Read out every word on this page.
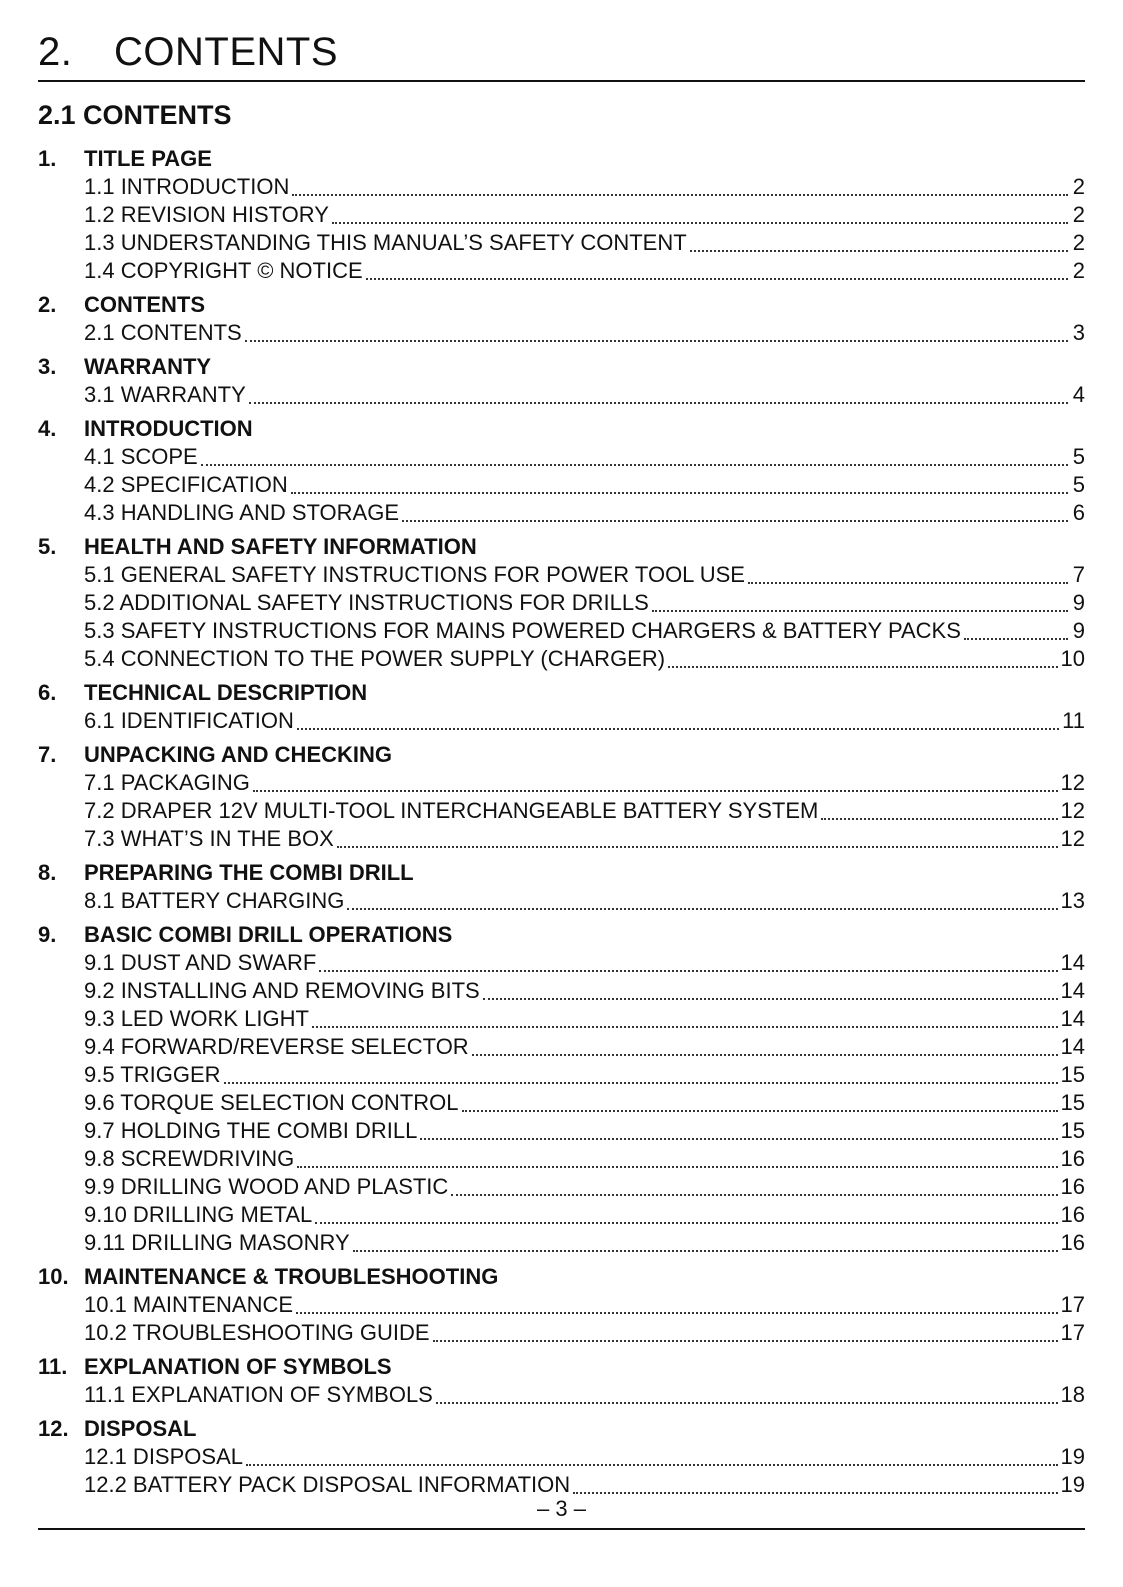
2.	CONTENTS
2.1 CONTENTS
1.	TITLE PAGE
1.1 INTRODUCTION	2
1.2 REVISION HISTORY	2
1.3 UNDERSTANDING THIS MANUAL’S SAFETY CONTENT	2
1.4 COPYRIGHT © NOTICE	2
2.	CONTENTS
2.1 CONTENTS	3
3.	WARRANTY
3.1 WARRANTY	4
4.	INTRODUCTION
4.1 SCOPE	5
4.2 SPECIFICATION	5
4.3 HANDLING AND STORAGE	6
5.	HEALTH AND SAFETY INFORMATION
5.1 GENERAL SAFETY INSTRUCTIONS FOR POWER TOOL USE	7
5.2 ADDITIONAL SAFETY INSTRUCTIONS FOR DRILLS	9
5.3 SAFETY INSTRUCTIONS FOR MAINS POWERED CHARGERS & BATTERY PACKS	9
5.4 CONNECTION TO THE POWER SUPPLY (CHARGER)	10
6.	TECHNICAL DESCRIPTION
6.1 IDENTIFICATION	11
7.	UNPACKING AND CHECKING
7.1 PACKAGING	12
7.2 DRAPER 12V MULTI-TOOL INTERCHANGEABLE BATTERY SYSTEM	12
7.3 WHAT’S IN THE BOX	12
8.	PREPARING THE COMBI DRILL
8.1 BATTERY CHARGING	13
9.	BASIC COMBI DRILL OPERATIONS
9.1 DUST AND SWARF	14
9.2 INSTALLING AND REMOVING BITS	14
9.3 LED WORK LIGHT	14
9.4 FORWARD/REVERSE SELECTOR	14
9.5 TRIGGER	15
9.6 TORQUE SELECTION CONTROL	15
9.7 HOLDING THE COMBI DRILL	15
9.8 SCREWDRIVING	16
9.9 DRILLING WOOD AND PLASTIC	16
9.10 DRILLING METAL	16
9.11 DRILLING MASONRY	16
10. MAINTENANCE & TROUBLESHOOTING
10.1 MAINTENANCE	17
10.2 TROUBLESHOOTING GUIDE	17
11. EXPLANATION OF SYMBOLS
11.1 EXPLANATION OF SYMBOLS	18
12. DISPOSAL
12.1 DISPOSAL	19
12.2 BATTERY PACK DISPOSAL INFORMATION	19
– 3 –
